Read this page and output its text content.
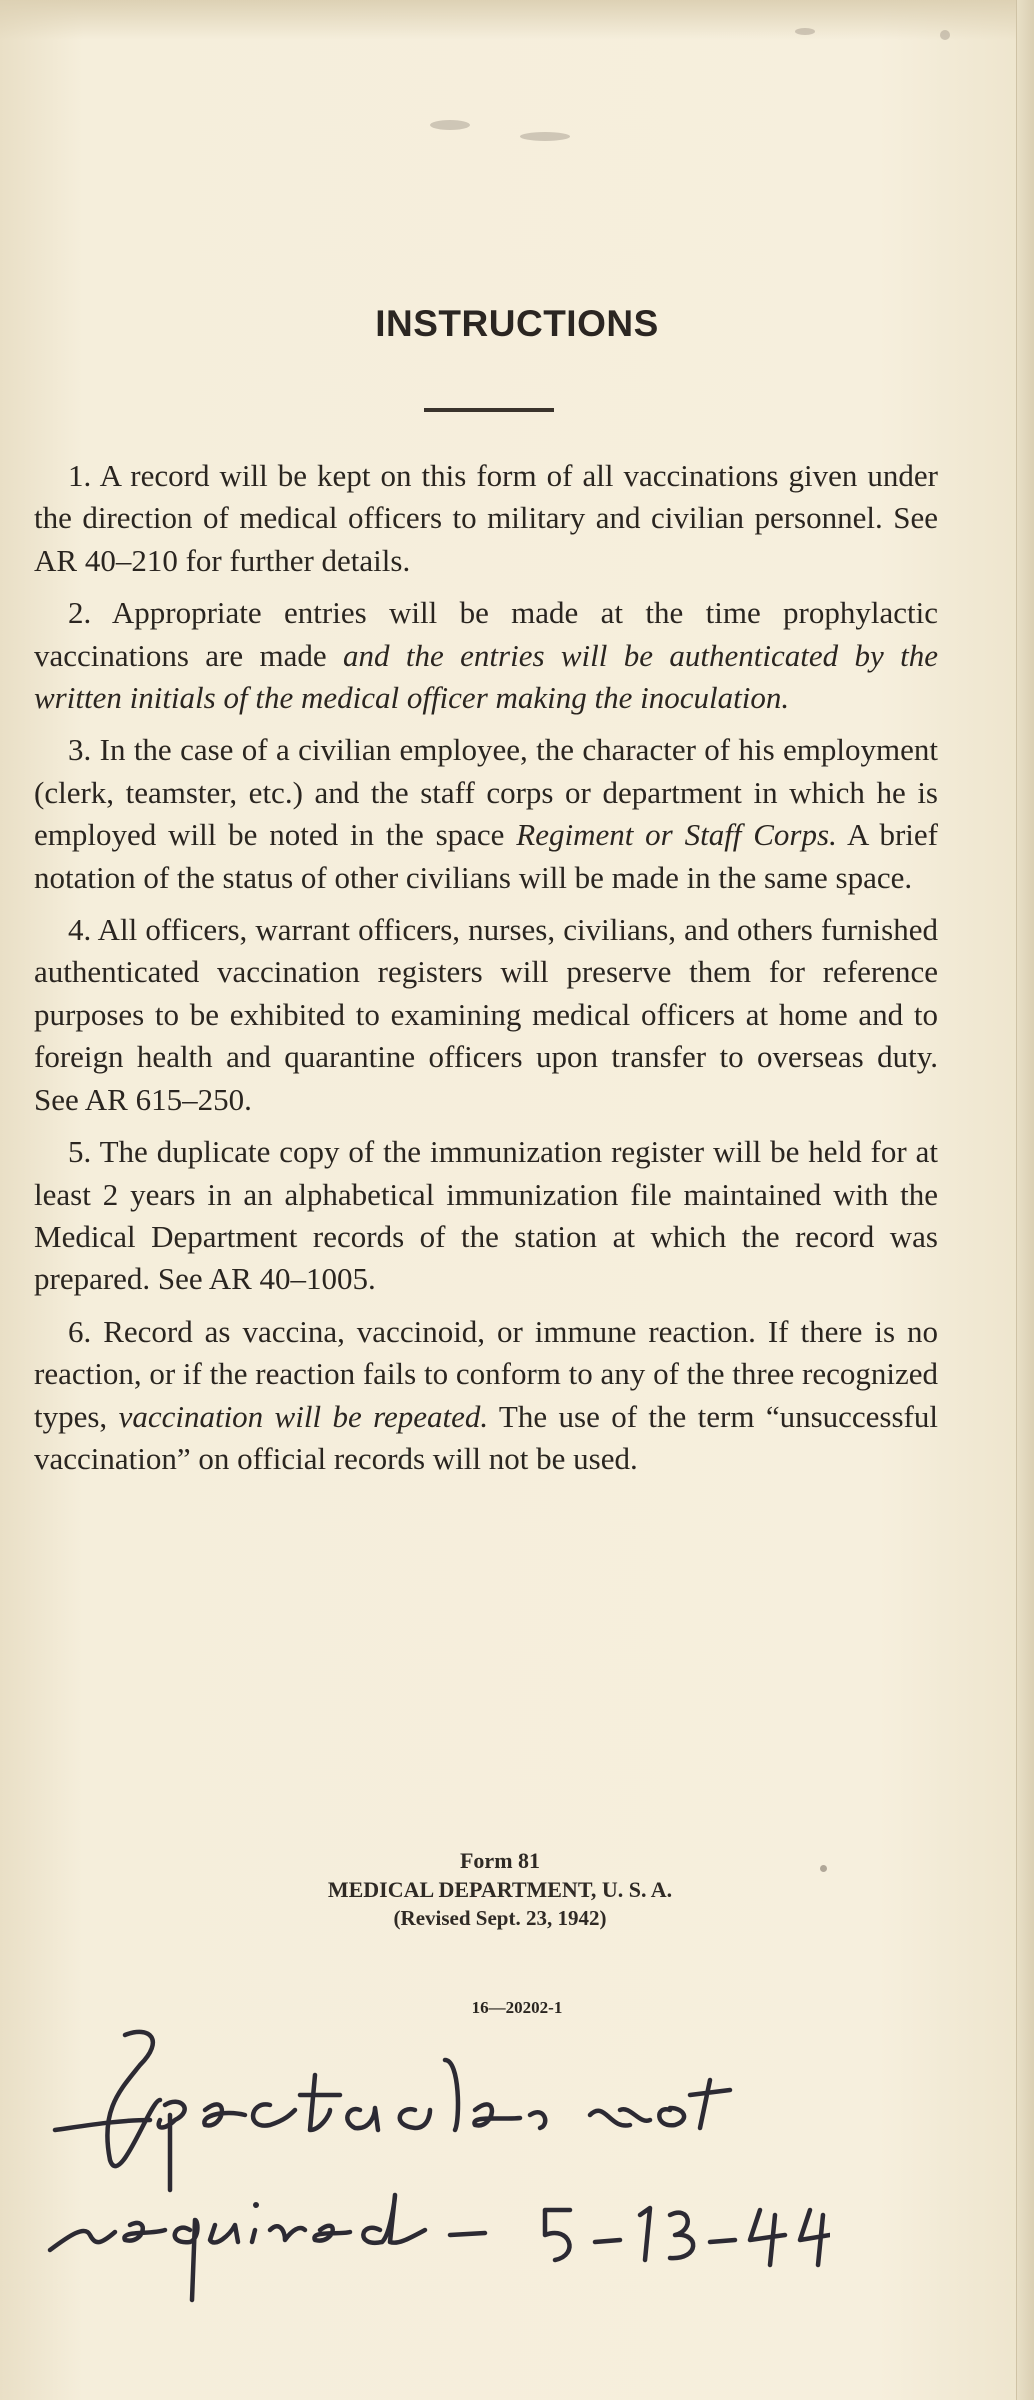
INSTRUCTIONS

1. A record will be kept on this form of all vaccinations given under the direction of medical officers to military and civilian personnel. See AR 40–210 for further details.

2. Appropriate entries will be made at the time prophylactic vaccinations are made and the entries will be authenticated by the written initials of the medical officer making the inoculation.

3. In the case of a civilian employee, the character of his employment (clerk, teamster, etc.) and the staff corps or department in which he is employed will be noted in the space Regiment or Staff Corps. A brief notation of the status of other civilians will be made in the same space.

4. All officers, warrant officers, nurses, civilians, and others furnished authenticated vaccination registers will preserve them for reference purposes to be exhibited to examining medical officers at home and to foreign health and quarantine officers upon transfer to overseas duty. See AR 615–250.

5. The duplicate copy of the immunization register will be held for at least 2 years in an alphabetical immunization file maintained with the Medical Department records of the station at which the record was prepared. See AR 40–1005.

6. Record as vaccina, vaccinoid, or immune reaction. If there is no reaction, or if the reaction fails to conform to any of the three recognized types, vaccination will be repeated. The use of the term “unsuccessful vaccination” on official records will not be used.

Form 81
MEDICAL DEPARTMENT, U. S. A.
(Revised Sept. 23, 1942)
16—20202-1
